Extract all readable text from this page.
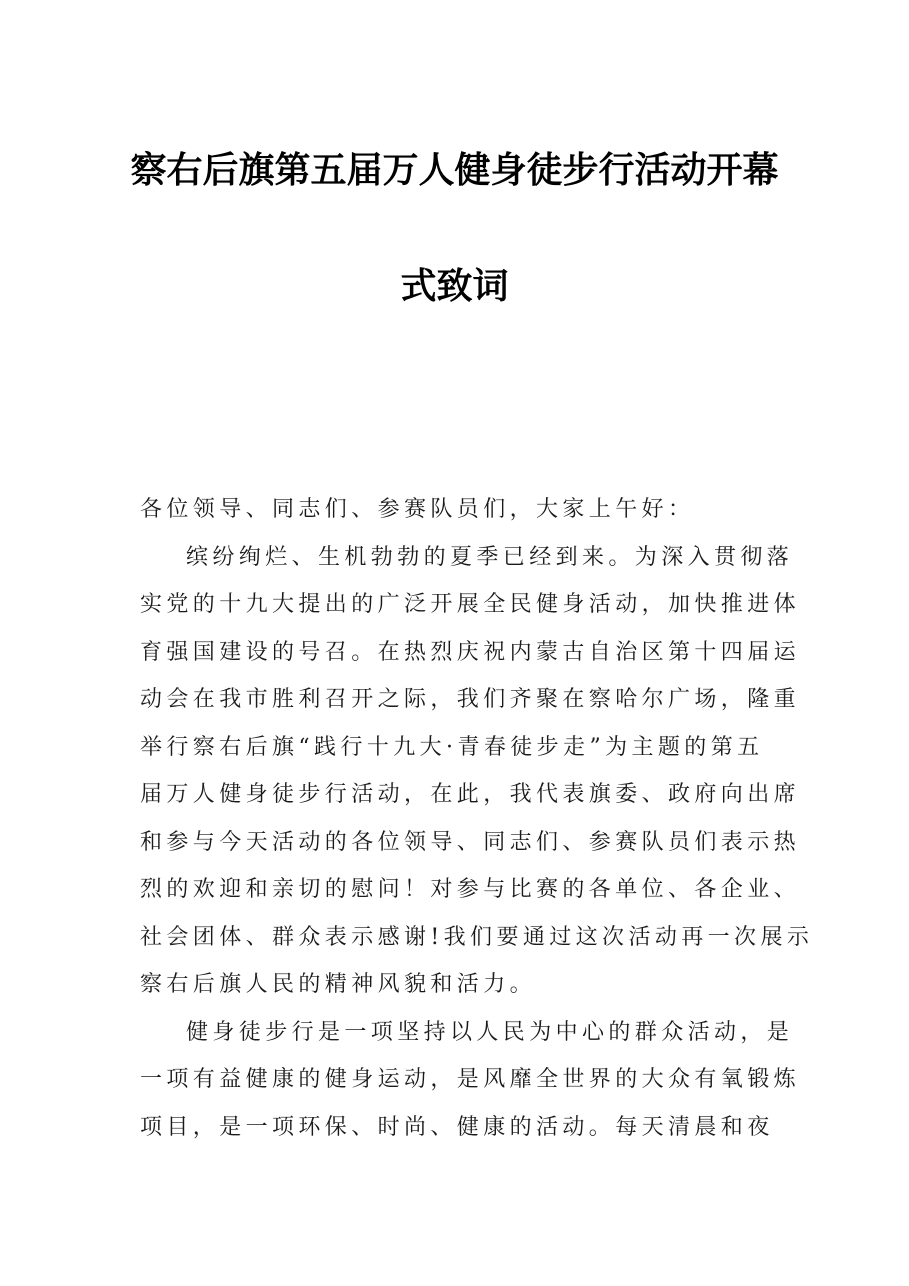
察右后旗第五届万人健身徒步行活动开幕
式致词
各位领导、同志们、参赛队员们，大家上午好：
缤纷绚烂、生机勃勃的夏季已经到来。为深入贯彻落
实党的十九大提出的广泛开展全民健身活动，加快推进体
育强国建设的号召。在热烈庆祝内蒙古自治区第十四届运
动会在我市胜利召开之际，我们齐聚在察哈尔广场，隆重
举行察右后旗“践行十九大·青春徒步走”为主题的第五
届万人健身徒步行活动，在此，我代表旗委、政府向出席
和参与今天活动的各位领导、同志们、参赛队员们表示热
烈的欢迎和亲切的慰问！对参与比赛的各单位、各企业、
社会团体、群众表示感谢!我们要通过这次活动再一次展示
察右后旗人民的精神风貌和活力。
健身徒步行是一项坚持以人民为中心的群众活动，是
一项有益健康的健身运动，是风靡全世界的大众有氧锻炼
项目，是一项环保、时尚、健康的活动。每天清晨和夜
